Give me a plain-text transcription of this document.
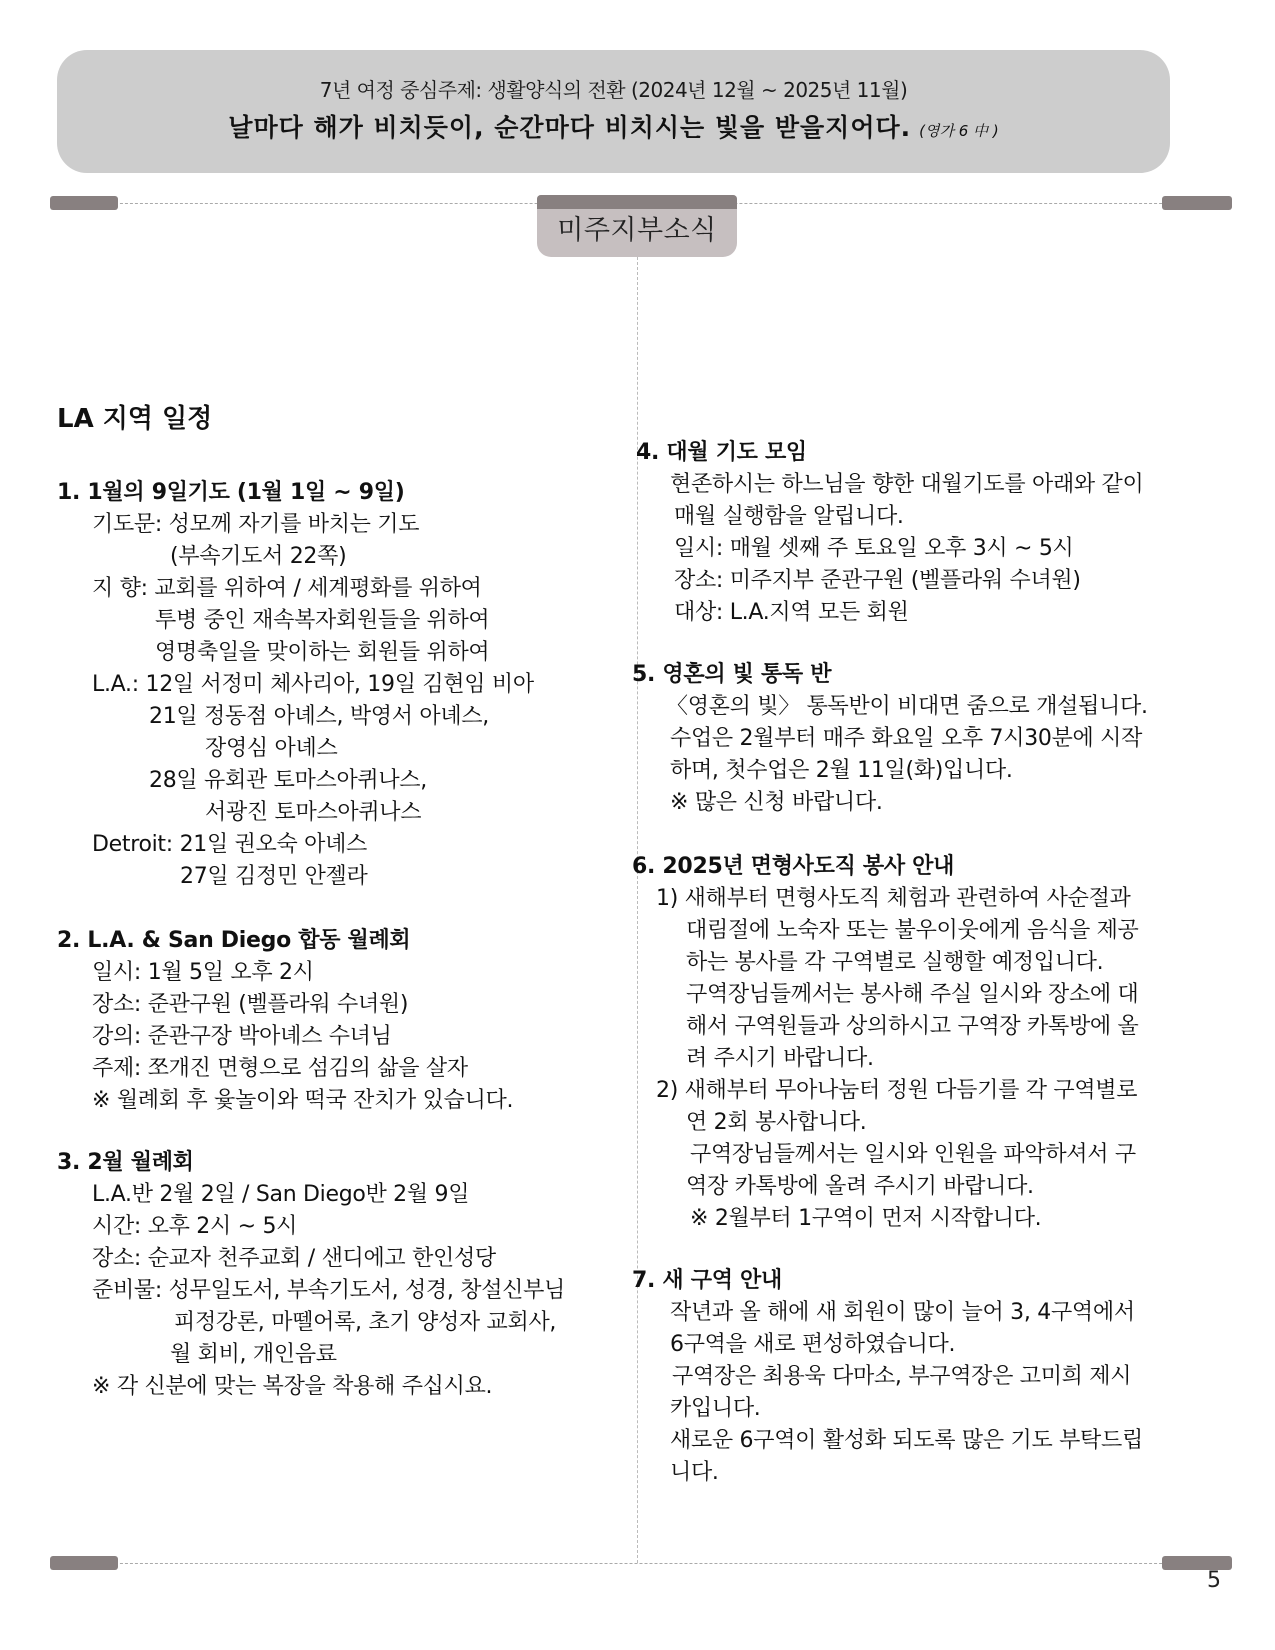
7년 여정 중심주제: 생활양식의 전환 (2024년 12월 ~ 2025년 11월)
날마다 해가 비치듯이, 순간마다 비치시는 빛을 받을지어다. (영가 6 中 )
미주지부소식
LA 지역 일정
1. 1월의 9일기도 (1월 1일 ~ 9일)
기도문: 성모께 자기를 바치는 기도
(부속기도서 22쪽)
지 향: 교회를 위하여 / 세계평화를 위하여
투병 중인 재속복자회원들을 위하여
영명축일을 맞이하는 회원들 위하여
L.A.: 12일 서정미 체사리아, 19일 김현임 비아
21일 정동점 아녜스, 박영서 아녜스,
장영심 아녜스
28일 유회관 토마스아퀴나스,
서광진 토마스아퀴나스
Detroit: 21일 권오숙 아녜스
27일 김정민 안젤라
2. L.A. & San Diego 합동 월례회
일시: 1월 5일 오후 2시
장소: 준관구원 (벨플라워 수녀원)
강의: 준관구장 박아녜스 수녀님
주제: 쪼개진 면형으로 섬김의 삶을 살자
※ 월례회 후 윷놀이와 떡국 잔치가 있습니다.
3. 2월 월례회
L.A.반 2월 2일 / San Diego반 2월 9일
시간: 오후 2시 ~ 5시
장소: 순교자 천주교회 / 샌디에고 한인성당
준비물: 성무일도서, 부속기도서, 성경, 창설신부님
피정강론, 마뗄어록, 초기 양성자 교회사,
월 회비, 개인음료
※ 각 신분에 맞는 복장을 착용해 주십시요.
4. 대월 기도 모임
현존하시는 하느님을 향한 대월기도를 아래와 같이
매월 실행함을 알립니다.
일시: 매월 셋째 주 토요일 오후 3시 ~ 5시
장소: 미주지부 준관구원 (벨플라워 수녀원)
대상: L.A.지역 모든 회원
5. 영혼의 빛 통독 반
〈영혼의 빛〉 통독반이 비대면 줌으로 개설됩니다.
수업은 2월부터 매주 화요일 오후 7시30분에 시작
하며, 첫수업은 2월 11일(화)입니다.
※ 많은 신청 바랍니다.
6. 2025년 면형사도직 봉사 안내
1) 새해부터 면형사도직 체험과 관련하여 사순절과
대림절에 노숙자 또는 불우이웃에게 음식을 제공
하는 봉사를 각 구역별로 실행할 예정입니다.
구역장님들께서는 봉사해 주실 일시와 장소에 대
해서 구역원들과 상의하시고 구역장 카톡방에 올
려 주시기 바랍니다.
2) 새해부터 무아나눔터 정원 다듬기를 각 구역별로
연 2회 봉사합니다.
구역장님들께서는 일시와 인원을 파악하셔서 구
역장 카톡방에 올려 주시기 바랍니다.
※ 2월부터 1구역이 먼저 시작합니다.
7. 새 구역 안내
작년과 올 해에 새 회원이 많이 늘어 3, 4구역에서
6구역을 새로 편성하였습니다.
구역장은 최용욱 다마소, 부구역장은 고미희 제시
카입니다.
새로운 6구역이 활성화 되도록 많은 기도 부탁드립
니다.
5
